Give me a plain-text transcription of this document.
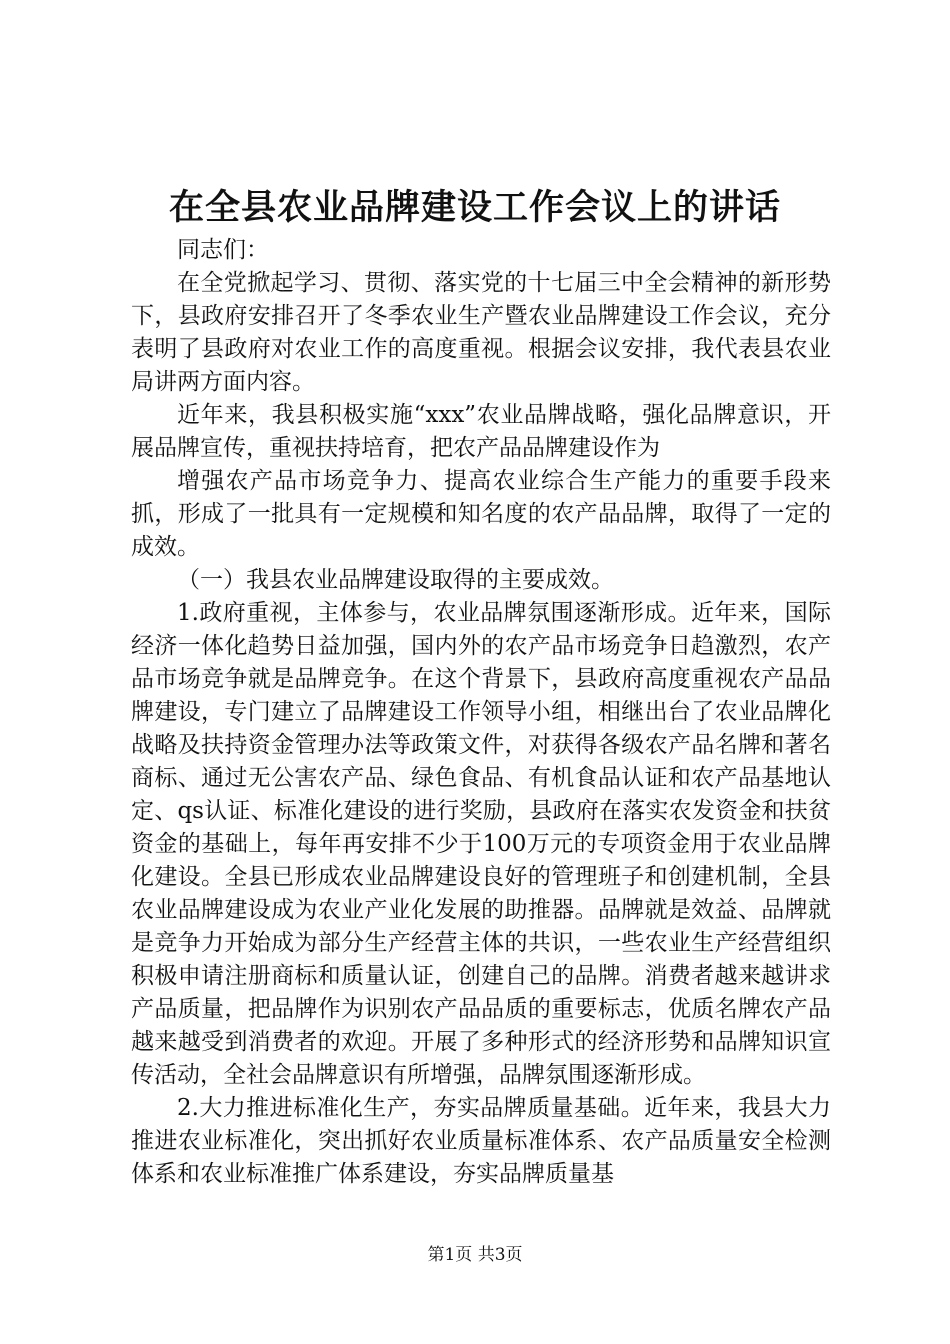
在全县农业品牌建设工作会议上的讲话

同志们：

在全党掀起学习、贯彻、落实党的十七届三中全会精神的新形势下，县政府安排召开了冬季农业生产暨农业品牌建设工作会议，充分表明了县政府对农业工作的高度重视。根据会议安排，我代表县农业局讲两方面内容。

近年来，我县积极实施“xxx”农业品牌战略，强化品牌意识，开展品牌宣传，重视扶持培育，把农产品品牌建设作为

增强农产品市场竞争力、提高农业综合生产能力的重要手段来抓，形成了一批具有一定规模和知名度的农产品品牌，取得了一定的成效。

（一）我县农业品牌建设取得的主要成效。

1.政府重视，主体参与，农业品牌氛围逐渐形成。近年来，国际经济一体化趋势日益加强，国内外的农产品市场竞争日趋激烈，农产品市场竞争就是品牌竞争。在这个背景下，县政府高度重视农产品品牌建设，专门建立了品牌建设工作领导小组，相继出台了农业品牌化战略及扶持资金管理办法等政策文件，对获得各级农产品名牌和著名商标、通过无公害农产品、绿色食品、有机食品认证和农产品基地认定、qs认证、标准化建设的进行奖励，县政府在落实农发资金和扶贫资金的基础上，每年再安排不少于100万元的专项资金用于农业品牌化建设。全县已形成农业品牌建设良好的管理班子和创建机制，全县农业品牌建设成为农业产业化发展的助推器。品牌就是效益、品牌就是竞争力开始成为部分生产经营主体的共识，一些农业生产经营组织积极申请注册商标和质量认证，创建自己的品牌。消费者越来越讲求产品质量，把品牌作为识别农产品品质的重要标志，优质名牌农产品越来越受到消费者的欢迎。开展了多种形式的经济形势和品牌知识宣传活动，全社会品牌意识有所增强，品牌氛围逐渐形成。

2.大力推进标准化生产，夯实品牌质量基础。近年来，我县大力推进农业标准化，突出抓好农业质量标准体系、农产品质量安全检测体系和农业标准推广体系建设，夯实品牌质量基

第1页 共3页
